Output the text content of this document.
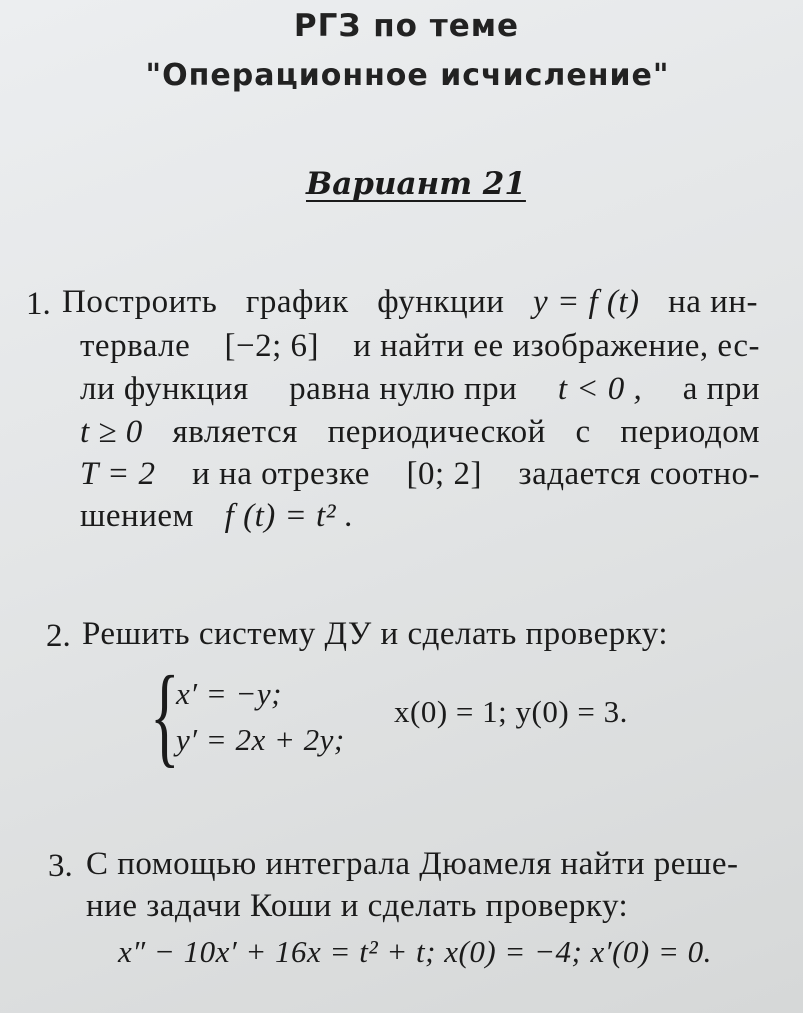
РГЗ по теме
"Операционное исчисление"
Вариант 21
1. Построить график функции y = f (t) на ин-
тервале [−2; 6] и найти ее изображение, ес-
ли функция равна нулю при t < 0 , а при
t ≥ 0 является периодической с периодом
T = 2 и на отрезке [0; 2] задается соотно-
шением f (t) = t² .
2. Решить систему ДУ и сделать проверку:
{
x′ = −y;
y′ = 2x + 2y;
x(0) = 1; y(0) = 3.
3. С помощью интеграла Дюамеля найти реше-
ние задачи Коши и сделать проверку:
x″ − 10x′ + 16x = t² + t; x(0) = −4; x′(0) = 0.
